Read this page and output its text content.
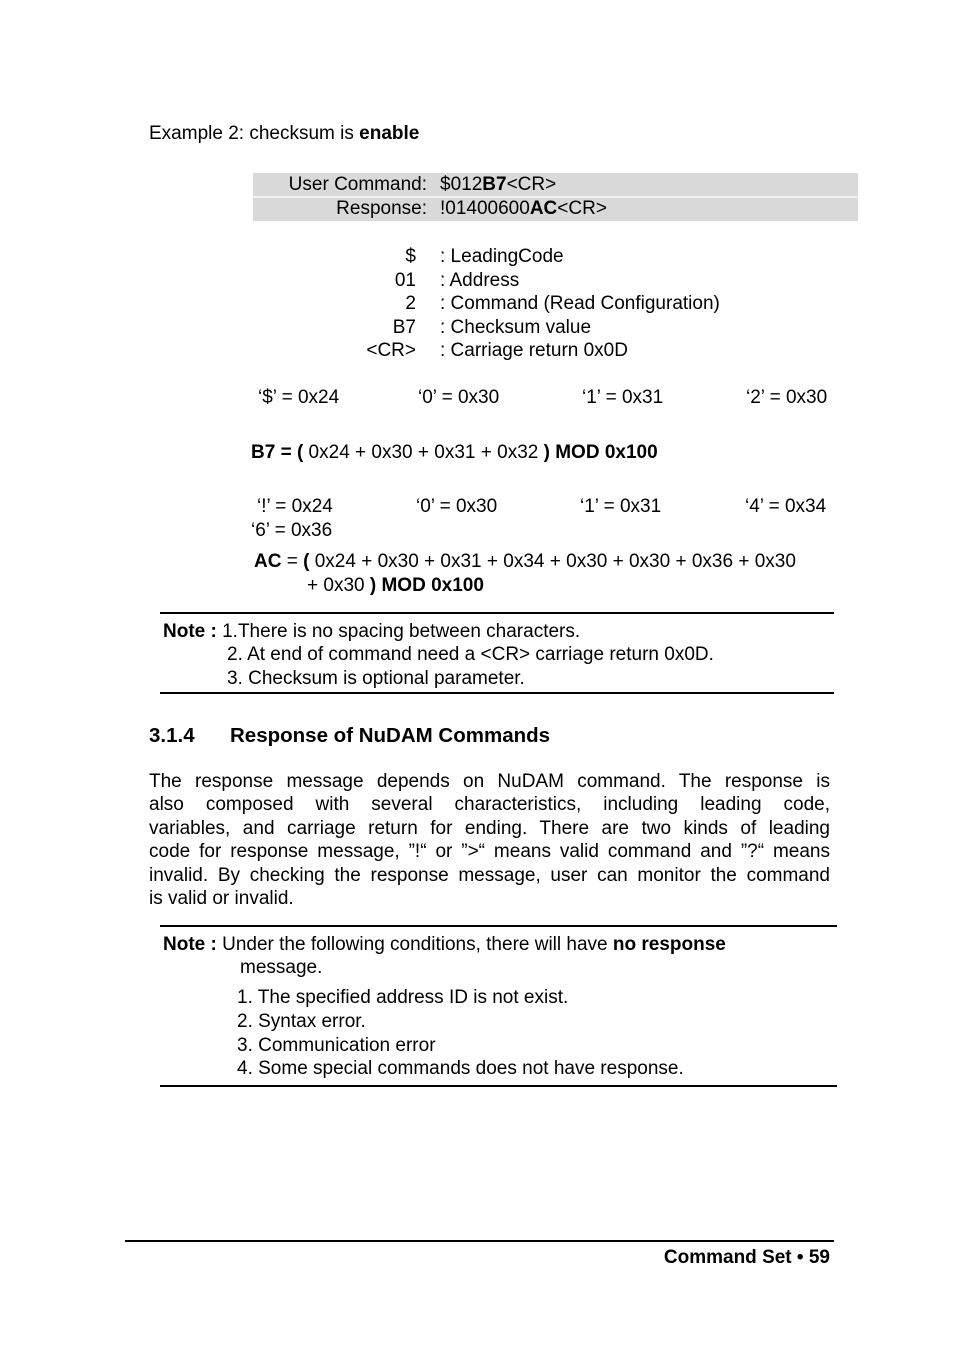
Example 2: checksum is enable
User Command: $012B7<CR>
Response: !01400600AC<CR>
$ : LeadingCode
01 : Address
2 : Command (Read Configuration)
B7 : Checksum value
<CR> : Carriage return 0x0D
‘$’ = 0x24	‘0’ = 0x30	‘1’ = 0x31	‘2’ = 0x30
B7 = ( 0x24 + 0x30 + 0x31 + 0x32 ) MOD 0x100
‘!’ = 0x24	‘0’ = 0x30	‘1’ = 0x31	‘4’ = 0x34
‘6’ = 0x36
AC = ( 0x24 + 0x30 + 0x31 + 0x34 + 0x30 + 0x30 + 0x36 + 0x30
+ 0x30 ) MOD 0x100
Note : 1.There is no spacing between characters.
2. At end of command need a <CR> carriage return 0x0D.
3. Checksum is optional parameter.
3.1.4 Response of NuDAM Commands
The response message depends on NuDAM command. The response is
also composed with several characteristics, including leading code,
variables, and carriage return for ending. There are two kinds of leading
code for response message, ”!“ or ”>“ means valid command and ”?“ means
invalid. By checking the response message, user can monitor the command
is valid or invalid.
Note : Under the following conditions, there will have no response
message.
1. The specified address ID is not exist.
2. Syntax error.
3. Communication error
4. Some special commands does not have response.
Command Set • 59
